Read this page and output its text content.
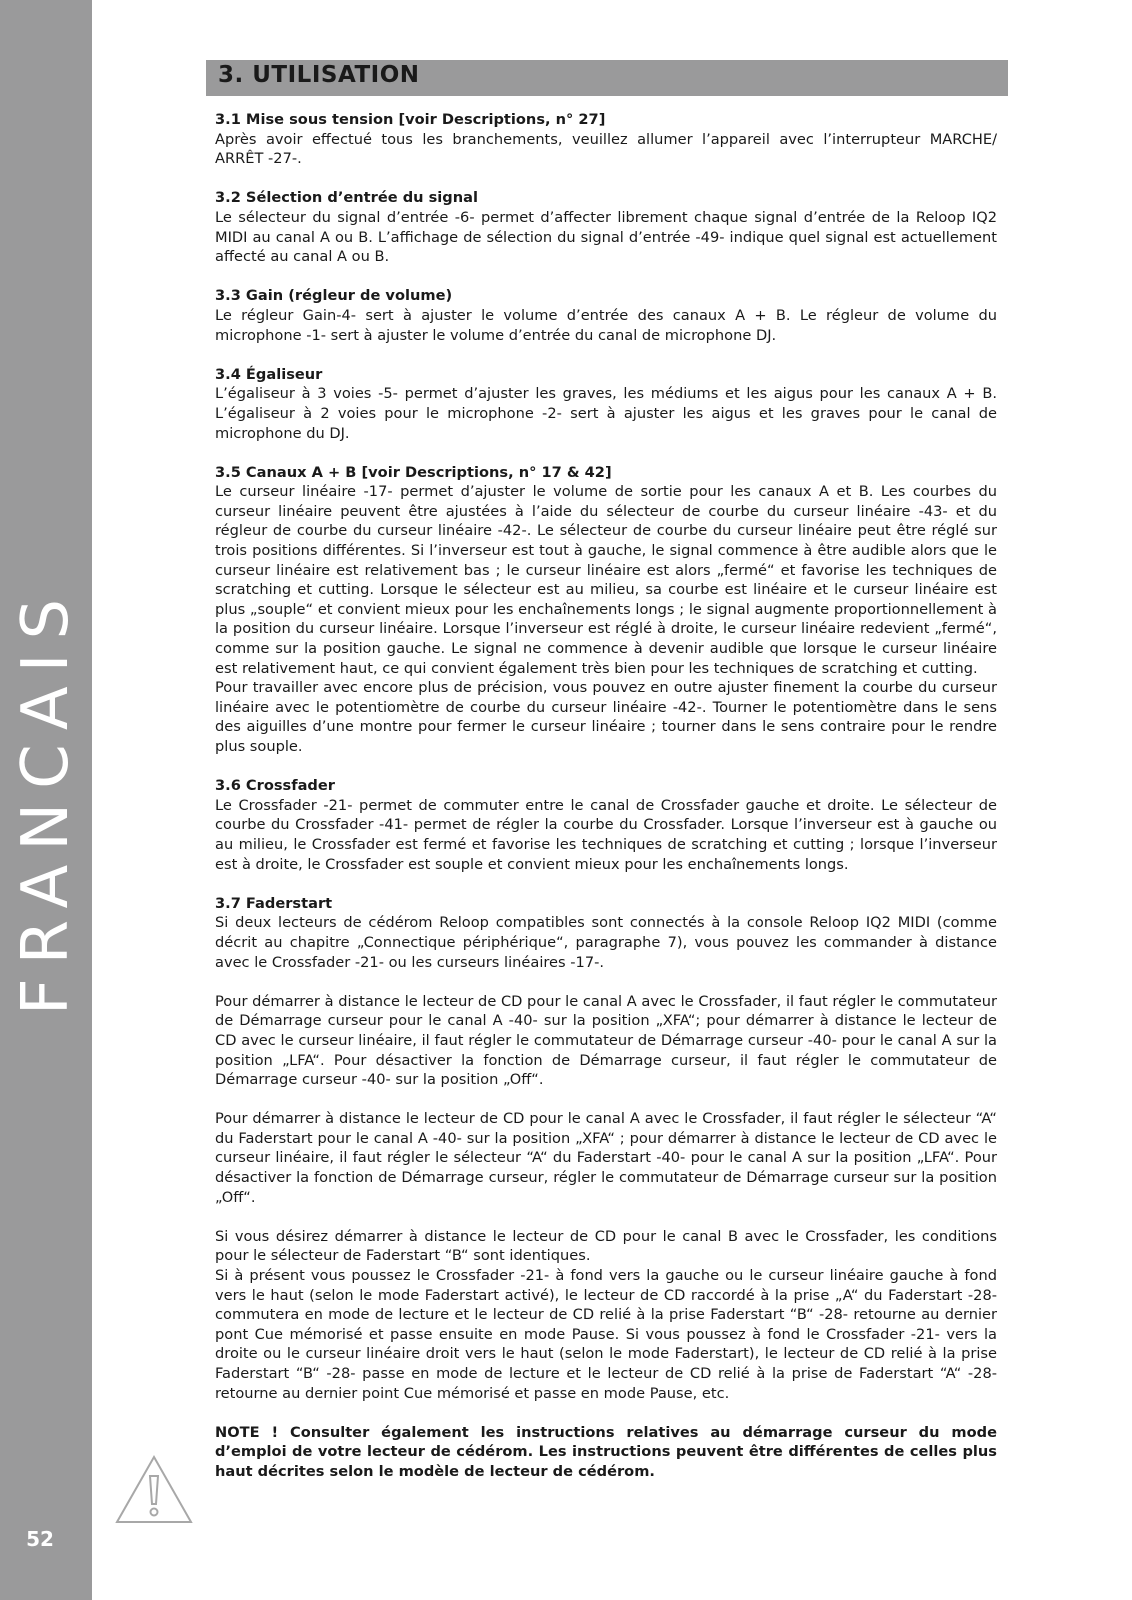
FRANCAIS
52
3. UTILISATION
3.1 Mise sous tension [voir Descriptions, n° 27]

Après avoir effectué tous les branchements, veuillez allumer l’appareil avec l’interrupteur MARCHE/ ARRÊT -27-.

3.2 Sélection d’entrée du signal

Le sélecteur du signal d’entrée -6- permet d’affecter librement chaque signal d’entrée de la Reloop IQ2 MIDI au canal A ou B. L’affichage de sélection du signal d’entrée -49- indique quel signal est actuellement affecté au canal A ou B.

3.3 Gain (régleur de volume)

Le régleur Gain-4- sert à ajuster le volume d’entrée des canaux A + B. Le régleur de volume du microphone -1- sert à ajuster le volume d’entrée du canal de microphone DJ.

3.4 Égaliseur

L’égaliseur à 3 voies -5- permet d’ajuster les graves, les médiums et les aigus pour les canaux A + B. L’égaliseur à 2 voies pour le microphone -2- sert à ajuster les aigus et les graves pour le canal de microphone du DJ.

3.5 Canaux A + B [voir Descriptions, n° 17 & 42]

Le curseur linéaire -17- permet d’ajuster le volume de sortie pour les canaux A et B. Les courbes du curseur linéaire peuvent être ajustées à l’aide du sélecteur de courbe du curseur linéaire -43- et du régleur de courbe du curseur linéaire -42-. Le sélecteur de courbe du curseur linéaire peut être réglé sur trois positions différentes. Si l’inverseur est tout à gauche, le signal commence à être audible alors que le curseur linéaire est relativement bas ; le curseur linéaire est alors „fermé“ et favorise les techniques de scratching et cutting. Lorsque le sélecteur est au milieu, sa courbe est linéaire et le curseur linéaire est plus „souple“ et convient mieux pour les enchaînements longs ; le signal augmente proportionnellement à la position du curseur linéaire. Lorsque l’inverseur est réglé à droite, le curseur linéaire redevient „fermé“, comme sur la position gauche. Le signal ne commence à devenir audible que lorsque le curseur linéaire est relativement haut, ce qui convient également très bien pour les techniques de scratching et cutting.

Pour travailler avec encore plus de précision, vous pouvez en outre ajuster finement la courbe du curseur linéaire avec le potentiomètre de courbe du curseur linéaire -42-. Tourner le potentiomètre dans le sens des aiguilles d’une montre pour fermer le curseur linéaire ; tourner dans le sens contraire pour le rendre plus souple.

3.6 Crossfader

Le Crossfader -21- permet de commuter entre le canal de Crossfader gauche et droite. Le sélecteur de courbe du Crossfader -41- permet de régler la courbe du Crossfader. Lorsque l’inverseur est à gauche ou au milieu, le Crossfader est fermé et favorise les techniques de scratching et cutting ; lorsque l’inverseur est à droite, le Crossfader est souple et convient mieux pour les enchaînements longs.

3.7 Faderstart

Si deux lecteurs de cédérom Reloop compatibles sont connectés à la console Reloop IQ2 MIDI (comme décrit au chapitre „Connectique périphérique“, paragraphe 7), vous pouvez les commander à distance avec le Crossfader -21- ou les curseurs linéaires -17-.

Pour démarrer à distance le lecteur de CD pour le canal A avec le Crossfader, il faut régler le commutateur de Démarrage curseur pour le canal A -40- sur la position „XFA“; pour démarrer à distance le lecteur de CD avec le curseur linéaire, il faut régler le commutateur de Démarrage curseur -40- pour le canal A sur la position „LFA“. Pour désactiver la fonction de Démarrage curseur, il faut régler le commutateur de Démarrage curseur -40- sur la position „Off“.

Pour démarrer à distance le lecteur de CD pour le canal A avec le Crossfader, il faut régler le sélecteur “A“ du Faderstart pour le canal A -40- sur la position „XFA“ ; pour démarrer à distance le lecteur de CD avec le curseur linéaire, il faut régler le sélecteur “A“ du Faderstart -40- pour le canal A sur la position „LFA“. Pour désactiver la fonction de Démarrage curseur, régler le commutateur de Démarrage curseur sur la position „Off“.

Si vous désirez démarrer à distance le lecteur de CD pour le canal B avec le Crossfader, les conditions pour le sélecteur de Faderstart “B“ sont identiques.

Si à présent vous poussez le Crossfader -21- à fond vers la gauche ou le curseur linéaire gauche à fond vers le haut (selon le mode Faderstart activé), le lecteur de CD raccordé à la prise „A“ du Faderstart -28- commutera en mode de lecture et le lecteur de CD relié à la prise Faderstart “B“ -28- retourne au dernier pont Cue mémorisé et passe ensuite en mode Pause. Si vous poussez à fond le Crossfader -21- vers la droite ou le curseur linéaire droit vers le haut (selon le mode Faderstart), le lecteur de CD relié à la prise Faderstart “B“ -28- passe en mode de lecture et le lecteur de CD relié à la prise de Faderstart “A“ -28- retourne au dernier point Cue mémorisé et passe en mode Pause, etc.

NOTE ! Consulter également les instructions relatives au démarrage curseur du mode d’emploi de votre lecteur de cédérom. Les instructions peuvent être différentes de celles plus haut décrites selon le modèle de lecteur de cédérom.
